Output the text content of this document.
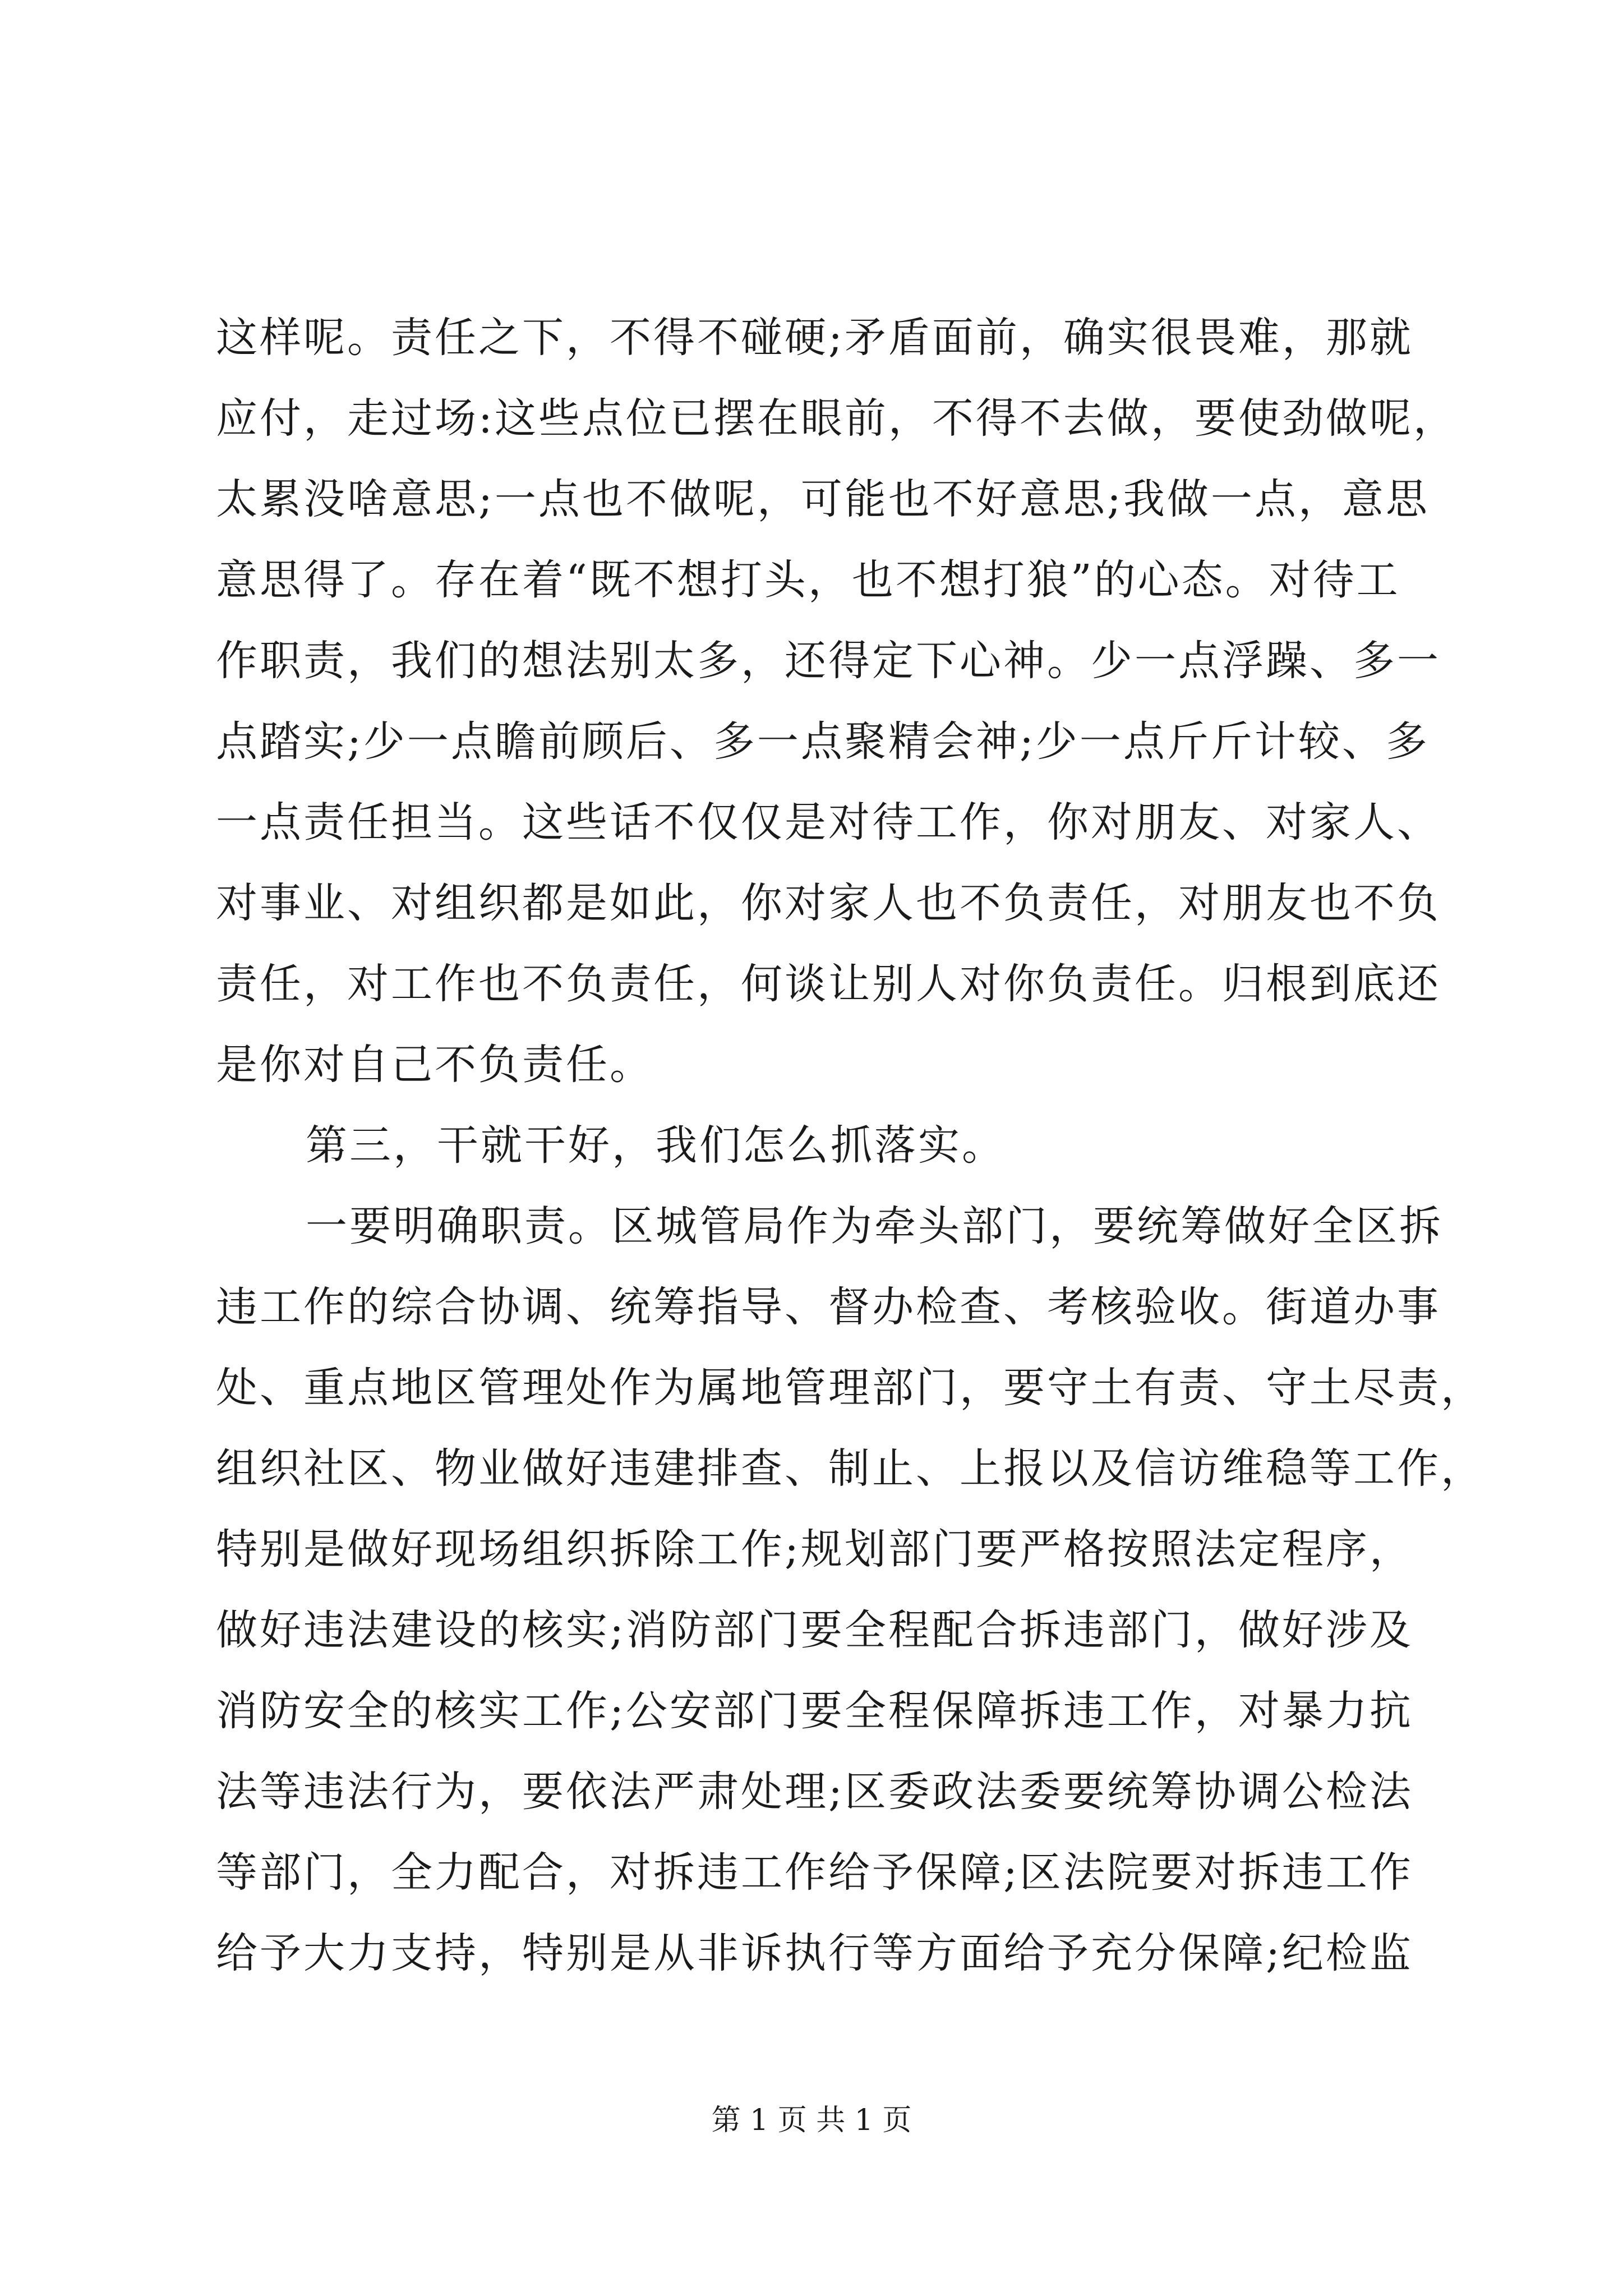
这样呢。责任之下，不得不碰硬;矛盾面前，确实很畏难，那就
应付，走过场:这些点位已摆在眼前，不得不去做，要使劲做呢，
太累没啥意思;一点也不做呢，可能也不好意思;我做一点，意思
意思得了。存在着“既不想打头，也不想打狼”的心态。对待工
作职责，我们的想法别太多，还得定下心神。少一点浮躁、多一
点踏实;少一点瞻前顾后、多一点聚精会神;少一点斤斤计较、多
一点责任担当。这些话不仅仅是对待工作，你对朋友、对家人、
对事业、对组织都是如此，你对家人也不负责任，对朋友也不负
责任，对工作也不负责任，何谈让别人对你负责任。归根到底还
是你对自己不负责任。
第三，干就干好，我们怎么抓落实。
一要明确职责。区城管局作为牵头部门，要统筹做好全区拆
违工作的综合协调、统筹指导、督办检查、考核验收。街道办事
处、重点地区管理处作为属地管理部门，要守土有责、守土尽责，
组织社区、物业做好违建排查、制止、上报以及信访维稳等工作，
特别是做好现场组织拆除工作;规划部门要严格按照法定程序，
做好违法建设的核实;消防部门要全程配合拆违部门，做好涉及
消防安全的核实工作;公安部门要全程保障拆违工作，对暴力抗
法等违法行为，要依法严肃处理;区委政法委要统筹协调公检法
等部门，全力配合，对拆违工作给予保障;区法院要对拆违工作
给予大力支持，特别是从非诉执行等方面给予充分保障;纪检监
第 1 页 共 1 页
